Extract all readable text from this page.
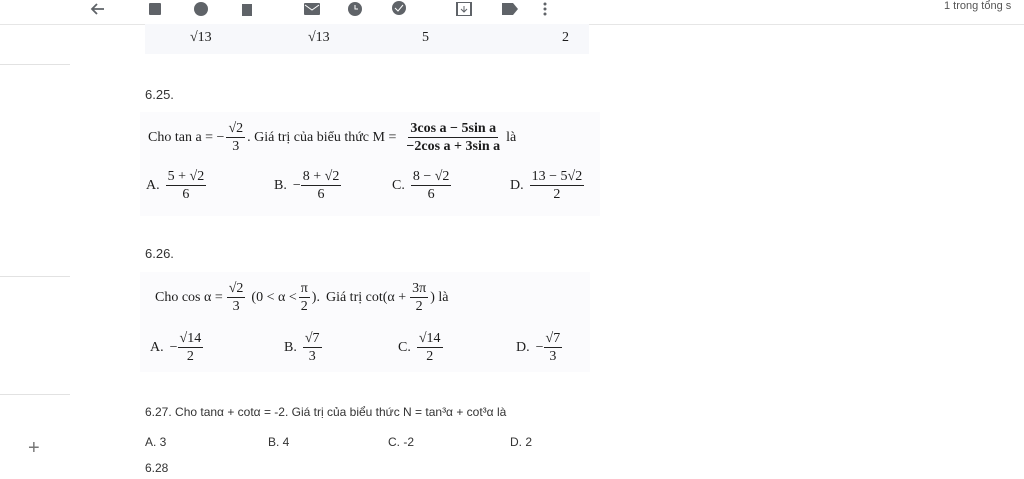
1 trong tổng s
+
√13	√13	5	2
6.25.
Cho tan a = − $\frac{√2}{3}$ . Giá trị của biểu thức $M = \frac{\text{3cos a − 5sin a}}{\text{−2cos a + 3sin a}}$ là
A. $\frac{5 + √2}{6}$	B. − $\frac{8 + √2}{6}$	C. $\frac{8 - √2}{6}$	D. $\frac{13 - 5√2}{2}$
6.26.
Cho $\cos \alpha = \frac{√2}{3} (0 < \alpha < \frac{\pi}{2}$ ). Giá trị $\cot(\alpha + \frac{3\pi}{2}$ ) là
A. − $\frac{√14}{2}$	B. $\frac{√7}{3}$	C. $\frac{√14}{2}$	D. − $\frac{√7}{3}$
6.27. Cho tanα + cotα = -2. Giá trị của biểu thức N = tan³α + cot³α là
A. 3	B. 4	C. -2	D. 2
6.28
